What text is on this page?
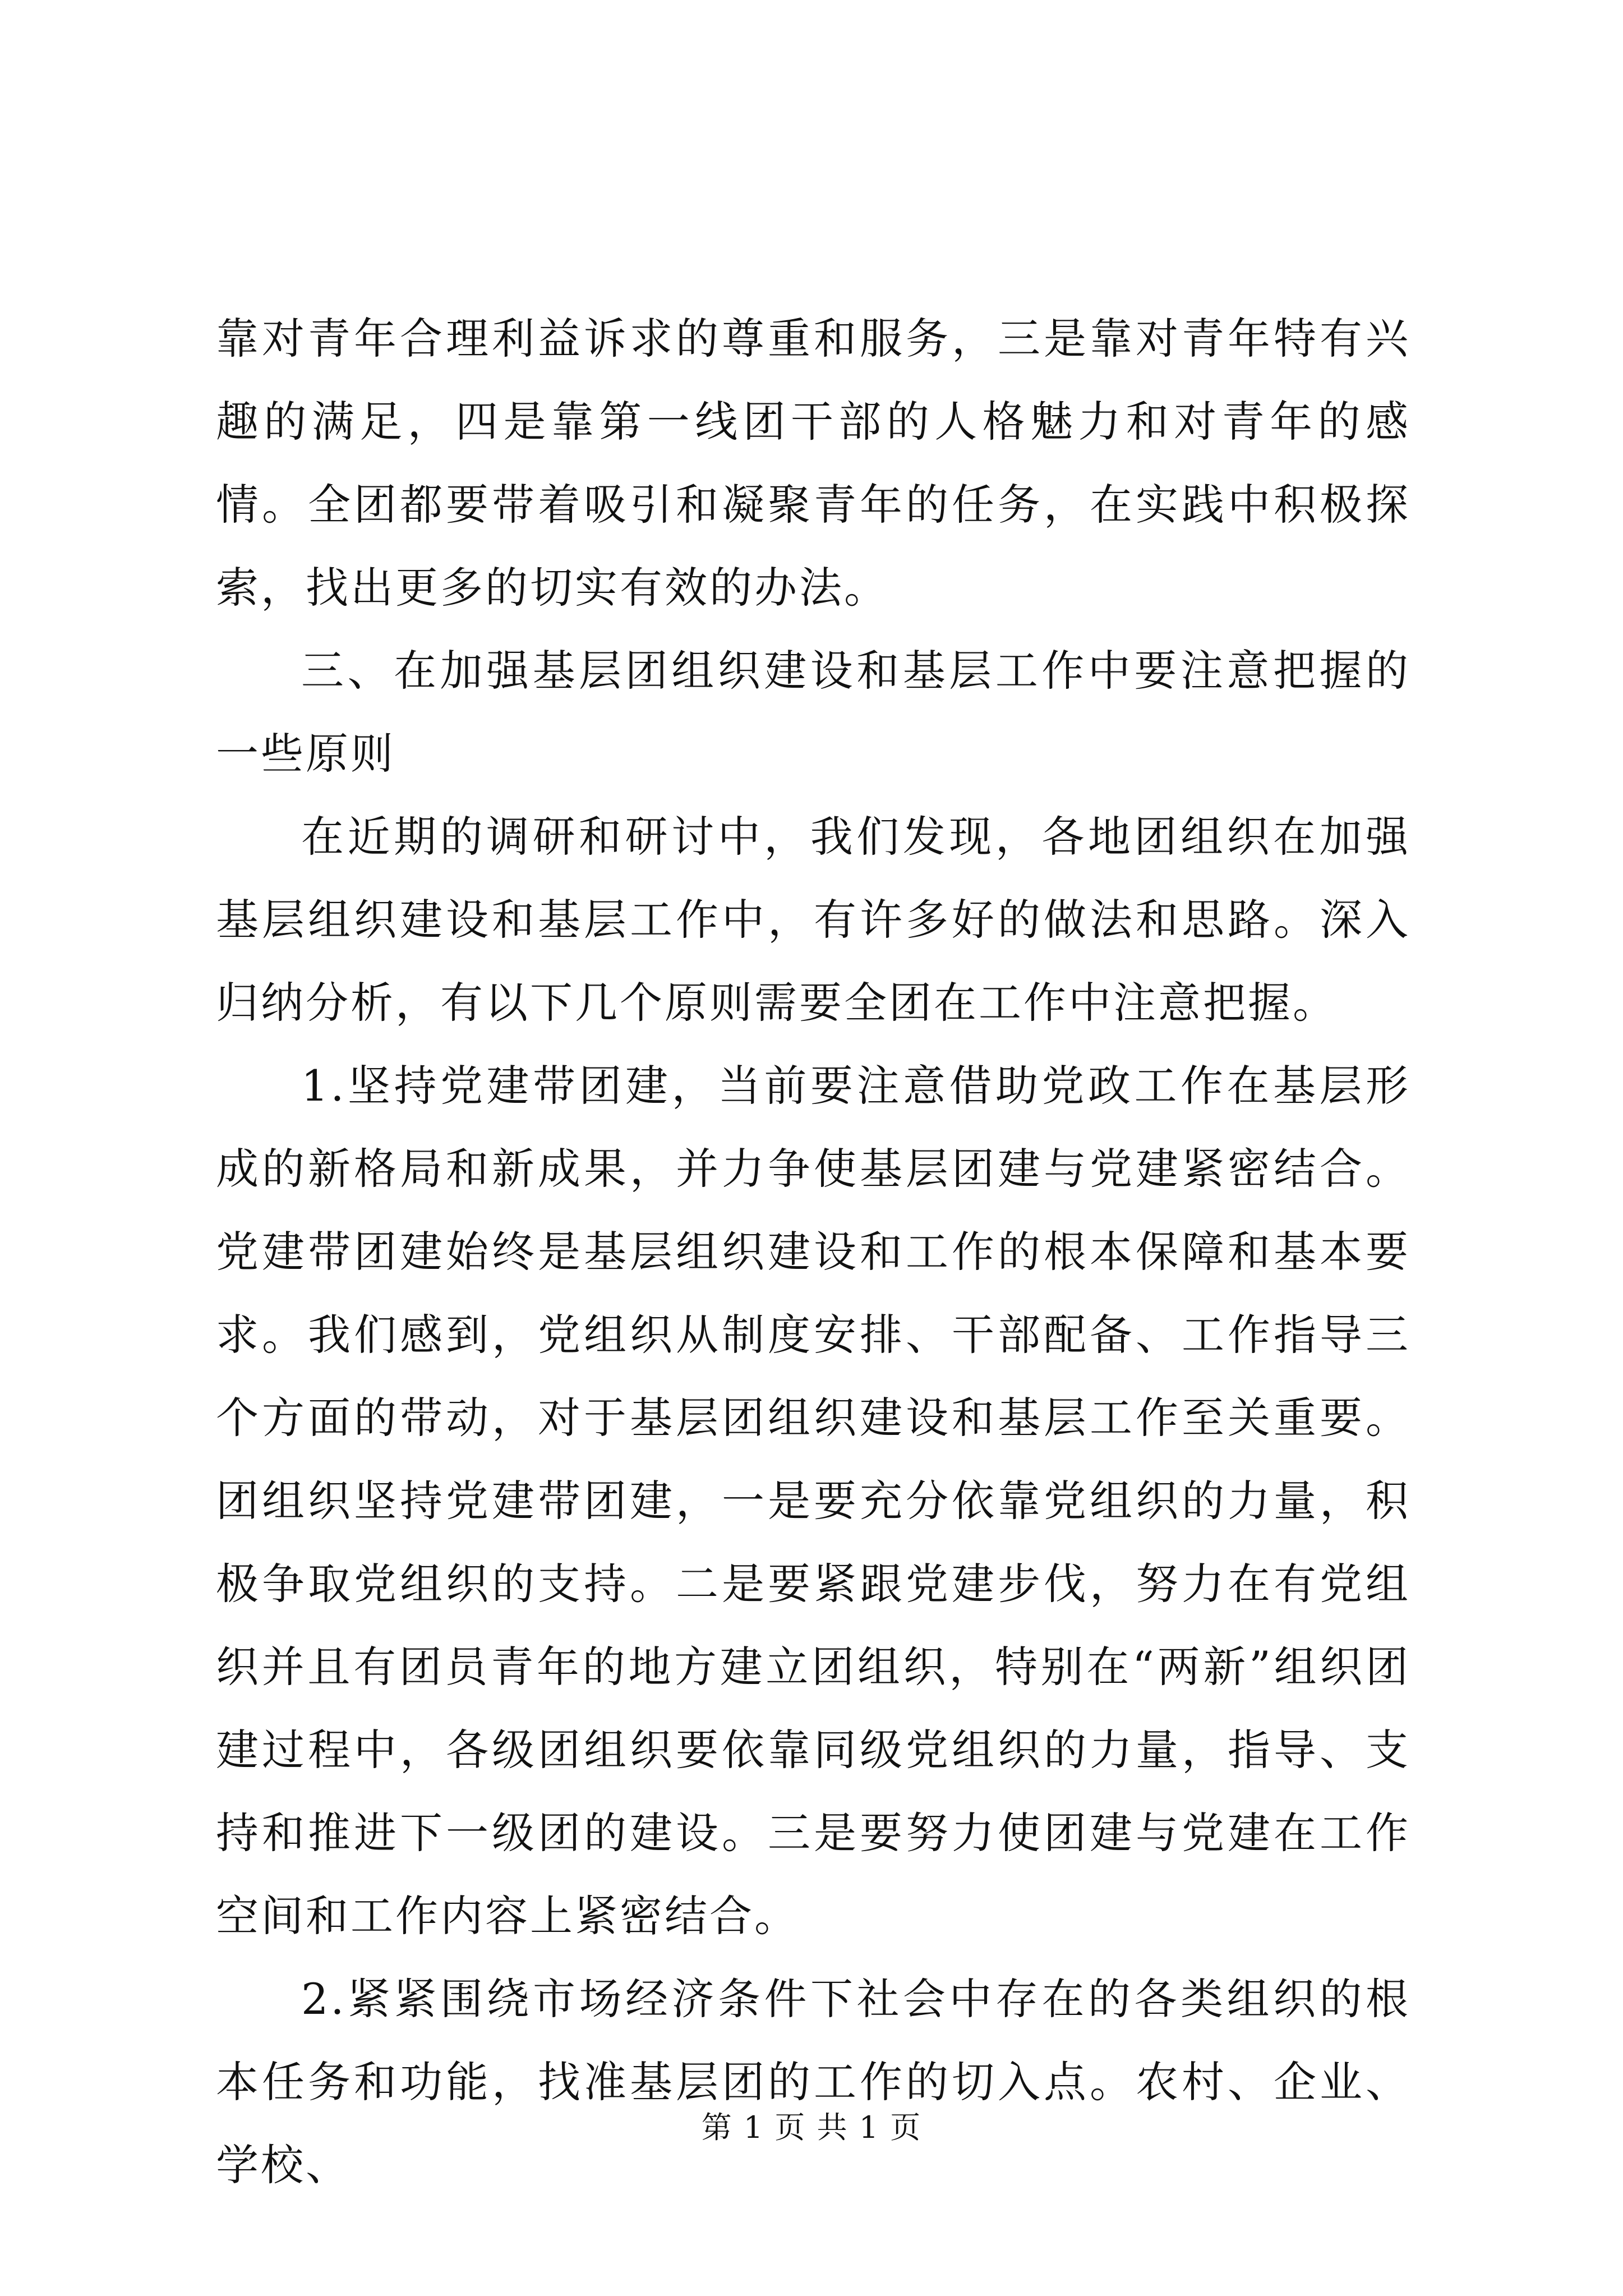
靠对青年合理利益诉求的尊重和服务，三是靠对青年特有兴趣的满足，四是靠第一线团干部的人格魅力和对青年的感情。全团都要带着吸引和凝聚青年的任务，在实践中积极探索，找出更多的切实有效的办法。

三、在加强基层团组织建设和基层工作中要注意把握的一些原则

在近期的调研和研讨中，我们发现，各地团组织在加强基层组织建设和基层工作中，有许多好的做法和思路。深入归纳分析，有以下几个原则需要全团在工作中注意把握。

1.坚持党建带团建，当前要注意借助党政工作在基层形成的新格局和新成果，并力争使基层团建与党建紧密结合。党建带团建始终是基层组织建设和工作的根本保障和基本要求。我们感到，党组织从制度安排、干部配备、工作指导三个方面的带动，对于基层团组织建设和基层工作至关重要。团组织坚持党建带团建，一是要充分依靠党组织的力量，积极争取党组织的支持。二是要紧跟党建步伐，努力在有党组织并且有团员青年的地方建立团组织，特别在“两新”组织团建过程中，各级团组织要依靠同级党组织的力量，指导、支持和推进下一级团的建设。三是要努力使团建与党建在工作空间和工作内容上紧密结合。

2.紧紧围绕市场经济条件下社会中存在的各类组织的根本任务和功能，找准基层团的工作的切入点。农村、企业、学校、

第 1 页 共 1 页
